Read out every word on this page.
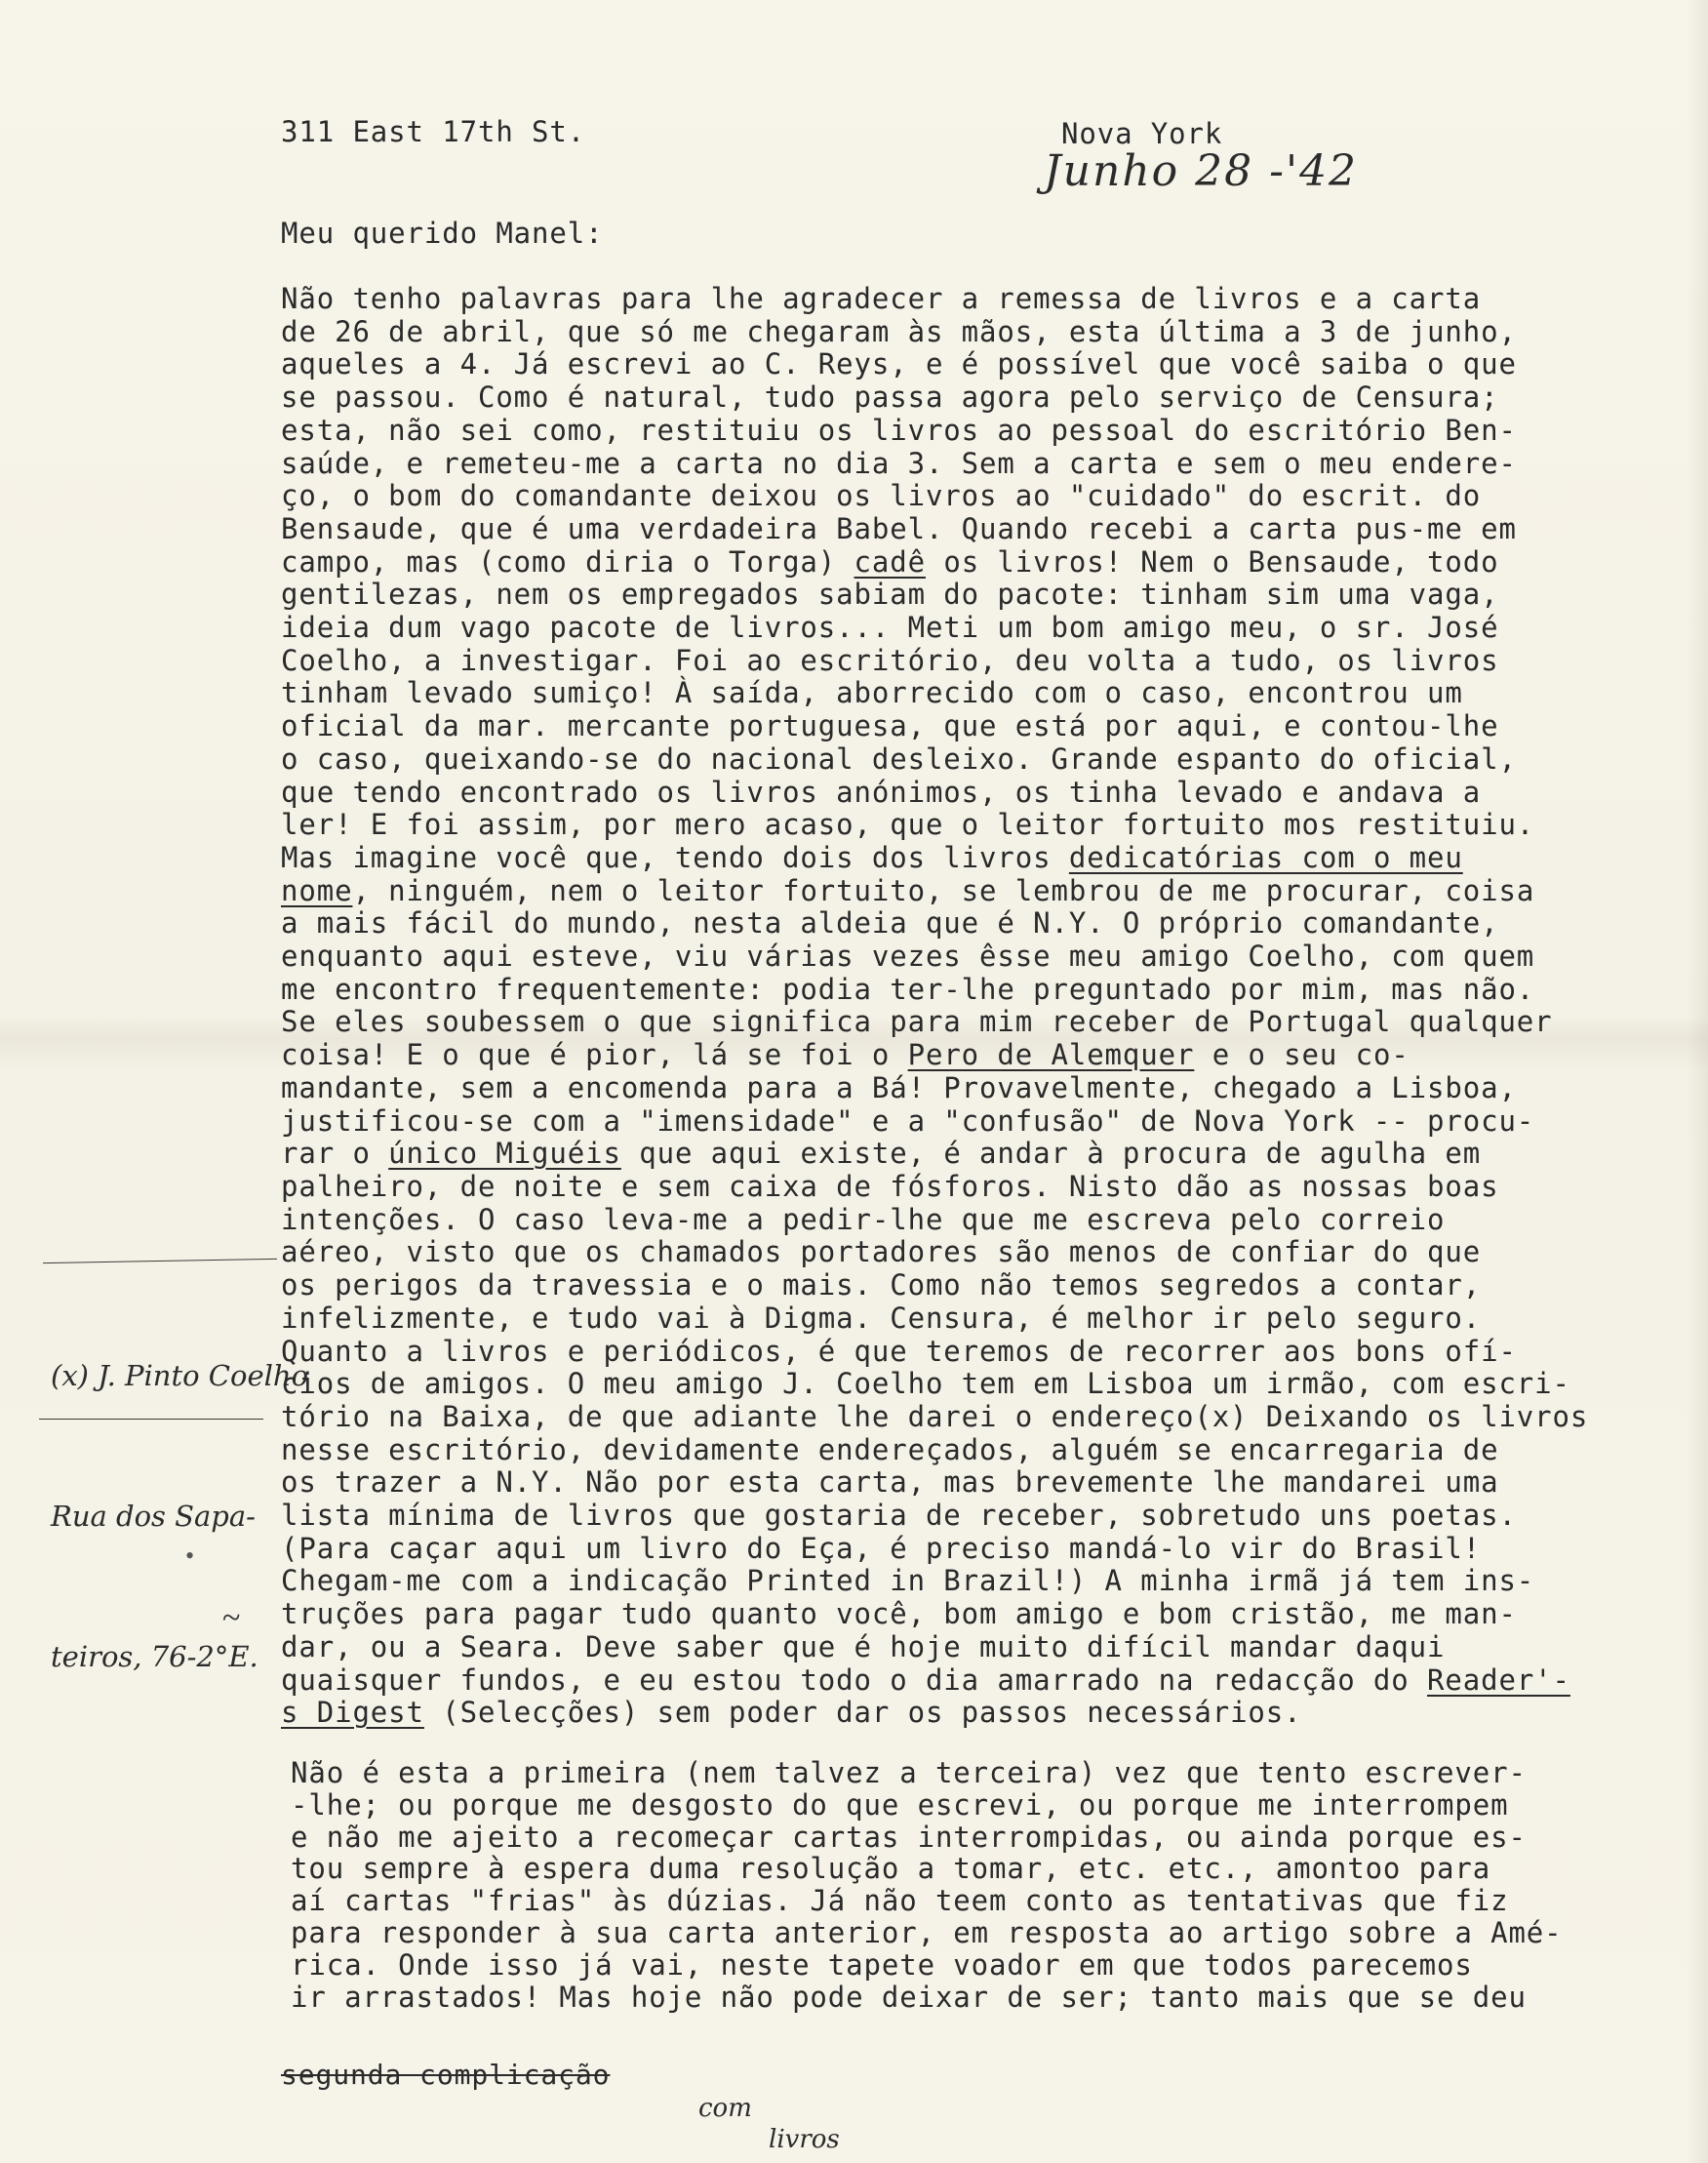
311 East 17th St.	Nova York
Junho 28 -'42
Meu querido Manel:
Não tenho palavras para lhe agradecer a remessa de livros e a carta
de 26 de abril, que só me chegaram às mãos, esta última a 3 de junho,
aqueles a 4. Já escrevi ao C. Reys, e é possível que você saiba o que
se passou. Como é natural, tudo passa agora pelo serviço de Censura;
esta, não sei como, restituiu os livros ao pessoal do escritório Ben-
saúde, e remeteu-me a carta no dia 3. Sem a carta e sem o meu endere-
ço, o bom do comandante deixou os livros ao "cuidado" do escrit. do
Bensaude, que é uma verdadeira Babel. Quando recebi a carta pus-me em
campo, mas (como diria o Torga) cadê os livros! Nem o Bensaude, todo
gentilezas, nem os empregados sabiam do pacote: tinham sim uma vaga,
ideia dum vago pacote de livros... Meti um bom amigo meu, o sr. José
Coelho, a investigar. Foi ao escritório, deu volta a tudo, os livros
tinham levado sumiço! À saída, aborrecido com o caso, encontrou um
oficial da mar. mercante portuguesa, que está por aqui, e contou-lhe
o caso, queixando-se do nacional desleixo. Grande espanto do oficial,
que tendo encontrado os livros anónimos, os tinha levado e andava a
ler! E foi assim, por mero acaso, que o leitor fortuito mos restituiu.
Mas imagine você que, tendo dois dos livros dedicatórias com o meu
nome, ninguém, nem o leitor fortuito, se lembrou de me procurar, coisa
a mais fácil do mundo, nesta aldeia que é N.Y. O próprio comandante,
enquanto aqui esteve, viu várias vezes êsse meu amigo Coelho, com quem
me encontro frequentemente: podia ter-lhe preguntado por mim, mas não.
Se eles soubessem o que significa para mim receber de Portugal qualquer
coisa! E o que é pior, lá se foi o Pero de Alemquer e o seu co-
mandante, sem a encomenda para a Bá! Provavelmente, chegado a Lisboa,
justificou-se com a "imensidade" e a "confusão" de Nova York -- procu-
rar o único Miguéis que aqui existe, é andar à procura de agulha em
palheiro, de noite e sem caixa de fósforos. Nisto dão as nossas boas
intenções. O caso leva-me a pedir-lhe que me escreva pelo correio
aéreo, visto que os chamados portadores são menos de confiar do que
os perigos da travessia e o mais. Como não temos segredos a contar,
infelizmente, e tudo vai à Digma. Censura, é melhor ir pelo seguro.
Quanto a livros e periódicos, é que teremos de recorrer aos bons ofí-
cios de amigos. O meu amigo J. Coelho tem em Lisboa um irmão, com escri-
tório na Baixa, de que adiante lhe darei o endereço(x) Deixando os livros
nesse escritório, devidamente endereçados, alguém se encarregaria de
os trazer a N.Y. Não por esta carta, mas brevemente lhe mandarei uma
lista mínima de livros que gostaria de receber, sobretudo uns poetas.
(Para caçar aqui um livro do Eça, é preciso mandá-lo vir do Brasil!
Chegam-me com a indicação Printed in Brazil!) A minha irmã já tem ins-
truções para pagar tudo quanto você, bom amigo e bom cristão, me man-
dar, ou a Seara. Deve saber que é hoje muito difícil mandar daqui
quaisquer fundos, e eu estou todo o dia amarrado na redacção do Reader'-
s Digest (Selecções) sem poder dar os passos necessários.
Não é esta a primeira (nem talvez a terceira) vez que tento escrever-
-lhe; ou porque me desgosto do que escrevi, ou porque me interrompem
e não me ajeito a recomeçar cartas interrompidas, ou ainda porque es-
tou sempre à espera duma resolução a tomar, etc. etc., amontoo para
aí cartas "frias" às dúzias. Já não teem conto as tentativas que fiz
para responder à sua carta anterior, em resposta ao artigo sobre a Amé-
rica. Onde isso já vai, neste tapete voador em que todos parecemos
ir arrastados! Mas hoje não pode deixar de ser; tanto mais que se deu

(x) J. Pinto Coelho

Rua dos Sapa-

teiros, 76-2°E.

•
~
segunda complicação
com
livros
